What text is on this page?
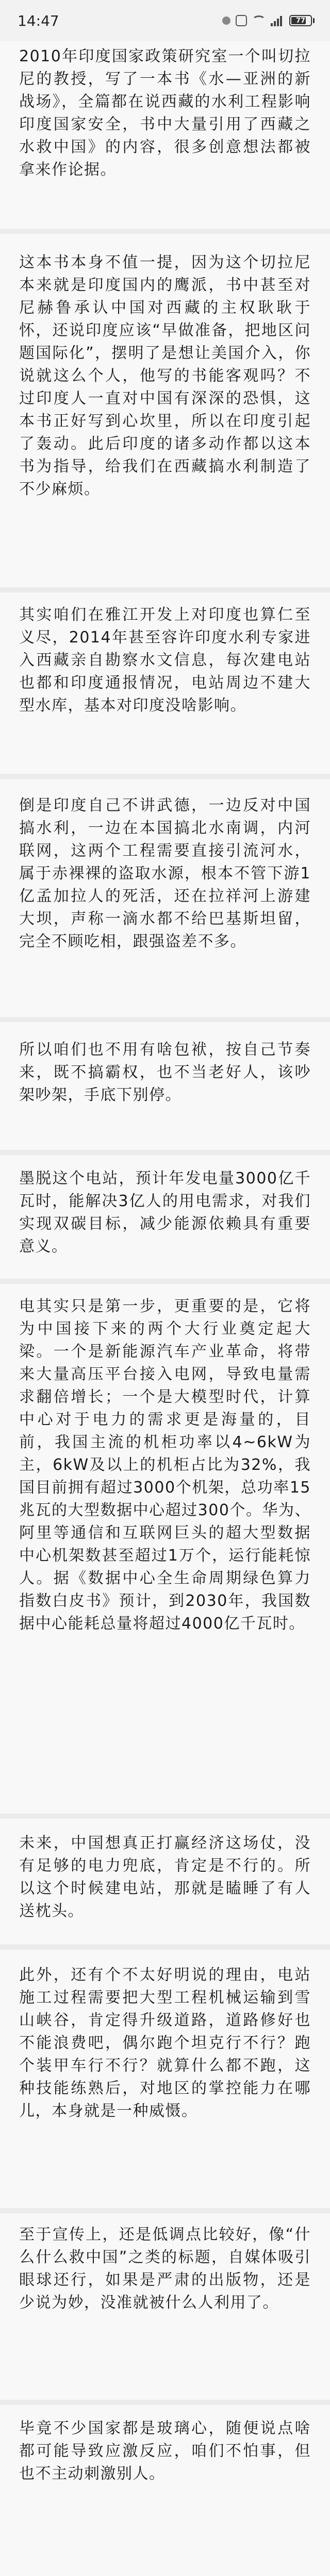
14:47	77

2010年印度国家政策研究室一个叫切拉尼的教授，写了一本书《水—亚洲的新战场》，全篇都在说西藏的水利工程影响印度国家安全，书中大量引用了西藏之水救中国》的内容，很多创意想法都被拿来作论据。

这本书本身不值一提，因为这个切拉尼本来就是印度国内的鹰派，书中甚至对尼赫鲁承认中国对西藏的主权耿耿于怀，还说印度应该“早做准备，把地区问题国际化”，摆明了是想让美国介入，你说就这么个人，他写的书能客观吗？不过印度人一直对中国有深深的恐惧，这本书正好写到心坎里，所以在印度引起了轰动。此后印度的诸多动作都以这本书为指导，给我们在西藏搞水利制造了不少麻烦。

其实咱们在雅江开发上对印度也算仁至义尽，2014年甚至容许印度水利专家进入西藏亲自勘察水文信息，每次建电站也都和印度通报情况，电站周边不建大型水库，基本对印度没啥影响。

倒是印度自己不讲武德，一边反对中国搞水利，一边在本国搞北水南调，内河联网，这两个工程需要直接引流河水，属于赤裸裸的盗取水源，根本不管下游1亿孟加拉人的死活，还在拉祥河上游建大坝，声称一滴水都不给巴基斯坦留，完全不顾吃相，跟强盗差不多。

所以咱们也不用有啥包袱，按自己节奏来，既不搞霸权，也不当老好人，该吵架吵架，手底下别停。

墨脱这个电站，预计年发电量3000亿千瓦时，能解决3亿人的用电需求，对我们实现双碳目标，减少能源依赖具有重要意义。

电其实只是第一步，更重要的是，它将为中国接下来的两个大行业奠定起大梁。一个是新能源汽车产业革命，将带来大量高压平台接入电网，导致电量需求翻倍增长；一个是大模型时代，计算中心对于电力的需求更是海量的，目前，我国主流的机柜功率以4~6kW为主，6kW及以上的机柜占比为32%，我国目前拥有超过3000个机架，总功率15兆瓦的大型数据中心超过300个。华为、阿里等通信和互联网巨头的超大型数据中心机架数甚至超过1万个，运行能耗惊人。据《数据中心全生命周期绿色算力指数白皮书》预计，到2030年，我国数据中心能耗总量将超过4000亿千瓦时。

未来，中国想真正打赢经济这场仗，没有足够的电力兜底，肯定是不行的。所以这个时候建电站，那就是瞌睡了有人送枕头。

此外，还有个不太好明说的理由，电站施工过程需要把大型工程机械运输到雪山峡谷，肯定得升级道路，道路修好也不能浪费吧，偶尔跑个坦克行不行？跑个装甲车行不行？就算什么都不跑，这种技能练熟后，对地区的掌控能力在哪儿，本身就是一种威慑。

至于宣传上，还是低调点比较好，像“什么什么救中国”之类的标题，自媒体吸引眼球还行，如果是严肃的出版物，还是少说为妙，没准就被什么人利用了。

毕竟不少国家都是玻璃心，随便说点啥都可能导致应激反应，咱们不怕事，但也不主动刺激别人。
